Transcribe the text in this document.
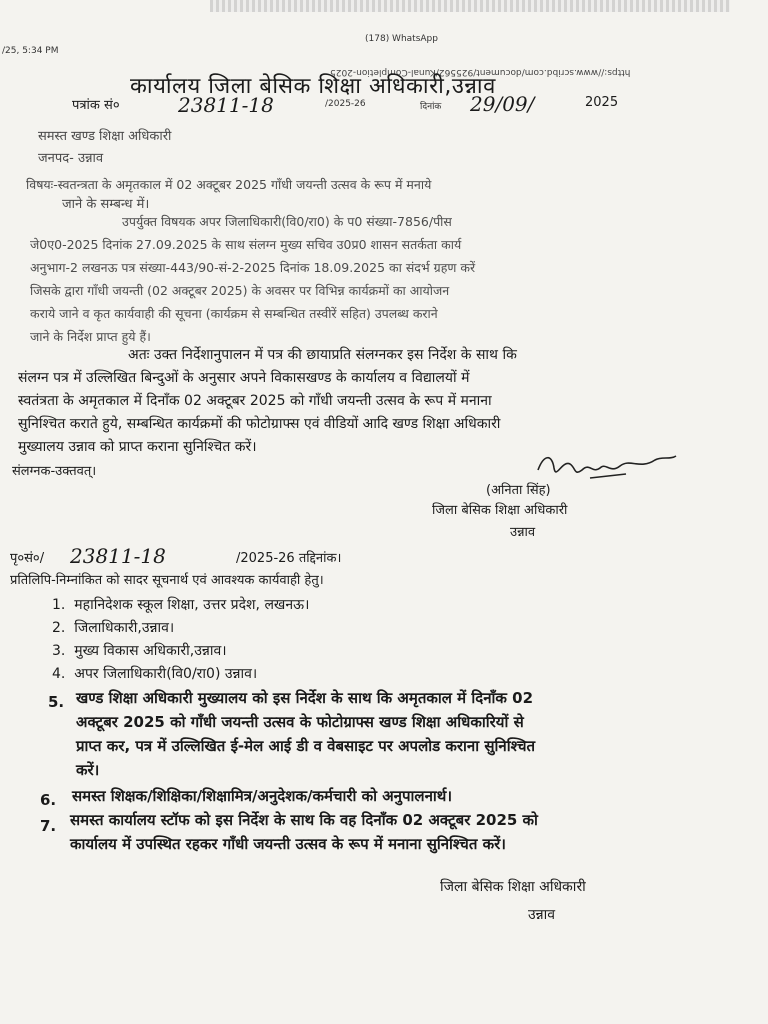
/25, 5:34 PM
(178) WhatsApp
https://www.scribd.com/document/925562/Kunal-Completion-2025
कार्यालय जिला बेसिक शिक्षा अधिकारी,उन्नाव
पत्रांक सं०	23811-18	/2025-26	दिनांक 29/09/	2025
समस्त खण्ड शिक्षा अधिकारी
जनपद- उन्नाव
विषयः-स्वतन्त्रता के अमृतकाल में 02 अक्टूबर 2025 गाँधी जयन्ती उत्सव के रूप में मनाये
जाने के सम्बन्ध में।
उपर्युक्त विषयक अपर जिलाधिकारी(वि0/रा0) के प0 संख्या-7856/पीस
जे0ए0-2025 दिनांक 27.09.2025 के साथ संलग्न मुख्य सचिव उ0प्र0 शासन सतर्कता कार्य
अनुभाग-2 लखनऊ पत्र संख्या-443/90-सं-2-2025 दिनांक 18.09.2025 का संदर्भ ग्रहण करें
जिसके द्वारा गाँधी जयन्ती (02 अक्टूबर 2025) के अवसर पर विभिन्न कार्यक्रमों का आयोजन
कराये जाने व कृत कार्यवाही की सूचना (कार्यक्रम से सम्बन्धित तस्वीरें सहित) उपलब्ध कराने
जाने के निर्देश प्राप्त हुये हैं।
अतः उक्त निर्देशानुपालन में पत्र की छायाप्रति संलग्नकर इस निर्देश के साथ कि
संलग्न पत्र में उल्लिखित बिन्दुओं के अनुसार अपने विकासखण्ड के कार्यालय व विद्यालयों में
स्वतंत्रता के अमृतकाल में दिनाँक 02 अक्टूबर 2025 को गाँधी जयन्ती उत्सव के रूप में मनाना
सुनिश्चित कराते हुये, सम्बन्धित कार्यक्रमों की फोटोग्राफ्स एवं वीडियों आदि खण्ड शिक्षा अधिकारी
मुख्यालय उन्नाव को प्राप्त कराना सुनिश्चित करें।
संलग्नक-उक्तवत्।
(अनिता सिंह)
जिला बेसिक शिक्षा अधिकारी
उन्नाव
पृ०सं०/ 23811-18	/2025-26 तद्दिनांक।
प्रतिलिपि-निम्नांकित को सादर सूचनार्थ एवं आवश्यक कार्यवाही हेतु।
1. महानिदेशक स्कूल शिक्षा, उत्तर प्रदेश, लखनऊ।
2. जिलाधिकारी,उन्नाव।
3. मुख्य विकास अधिकारी,उन्नाव।
4. अपर जिलाधिकारी(वि0/रा0) उन्नाव।
5. खण्ड शिक्षा अधिकारी मुख्यालय को इस निर्देश के साथ कि अमृतकाल में दिनाँक 02
अक्टूबर 2025 को गाँधी जयन्ती उत्सव के फोटोग्राफ्स खण्ड शिक्षा अधिकारियों से
प्राप्त कर, पत्र में उल्लिखित ई-मेल आई डी व वेबसाइट पर अपलोड कराना सुनिश्चित
करें।
6. समस्त शिक्षक/शिक्षिका/शिक्षामित्र/अनुदेशक/कर्मचारी को अनुपालनार्थ।
7. समस्त कार्यालय स्टॉफ को इस निर्देश के साथ कि वह दिनाँक 02 अक्टूबर 2025 को
कार्यालय में उपस्थित रहकर गाँधी जयन्ती उत्सव के रूप में मनाना सुनिश्चित करें।
जिला बेसिक शिक्षा अधिकारी
उन्नाव
